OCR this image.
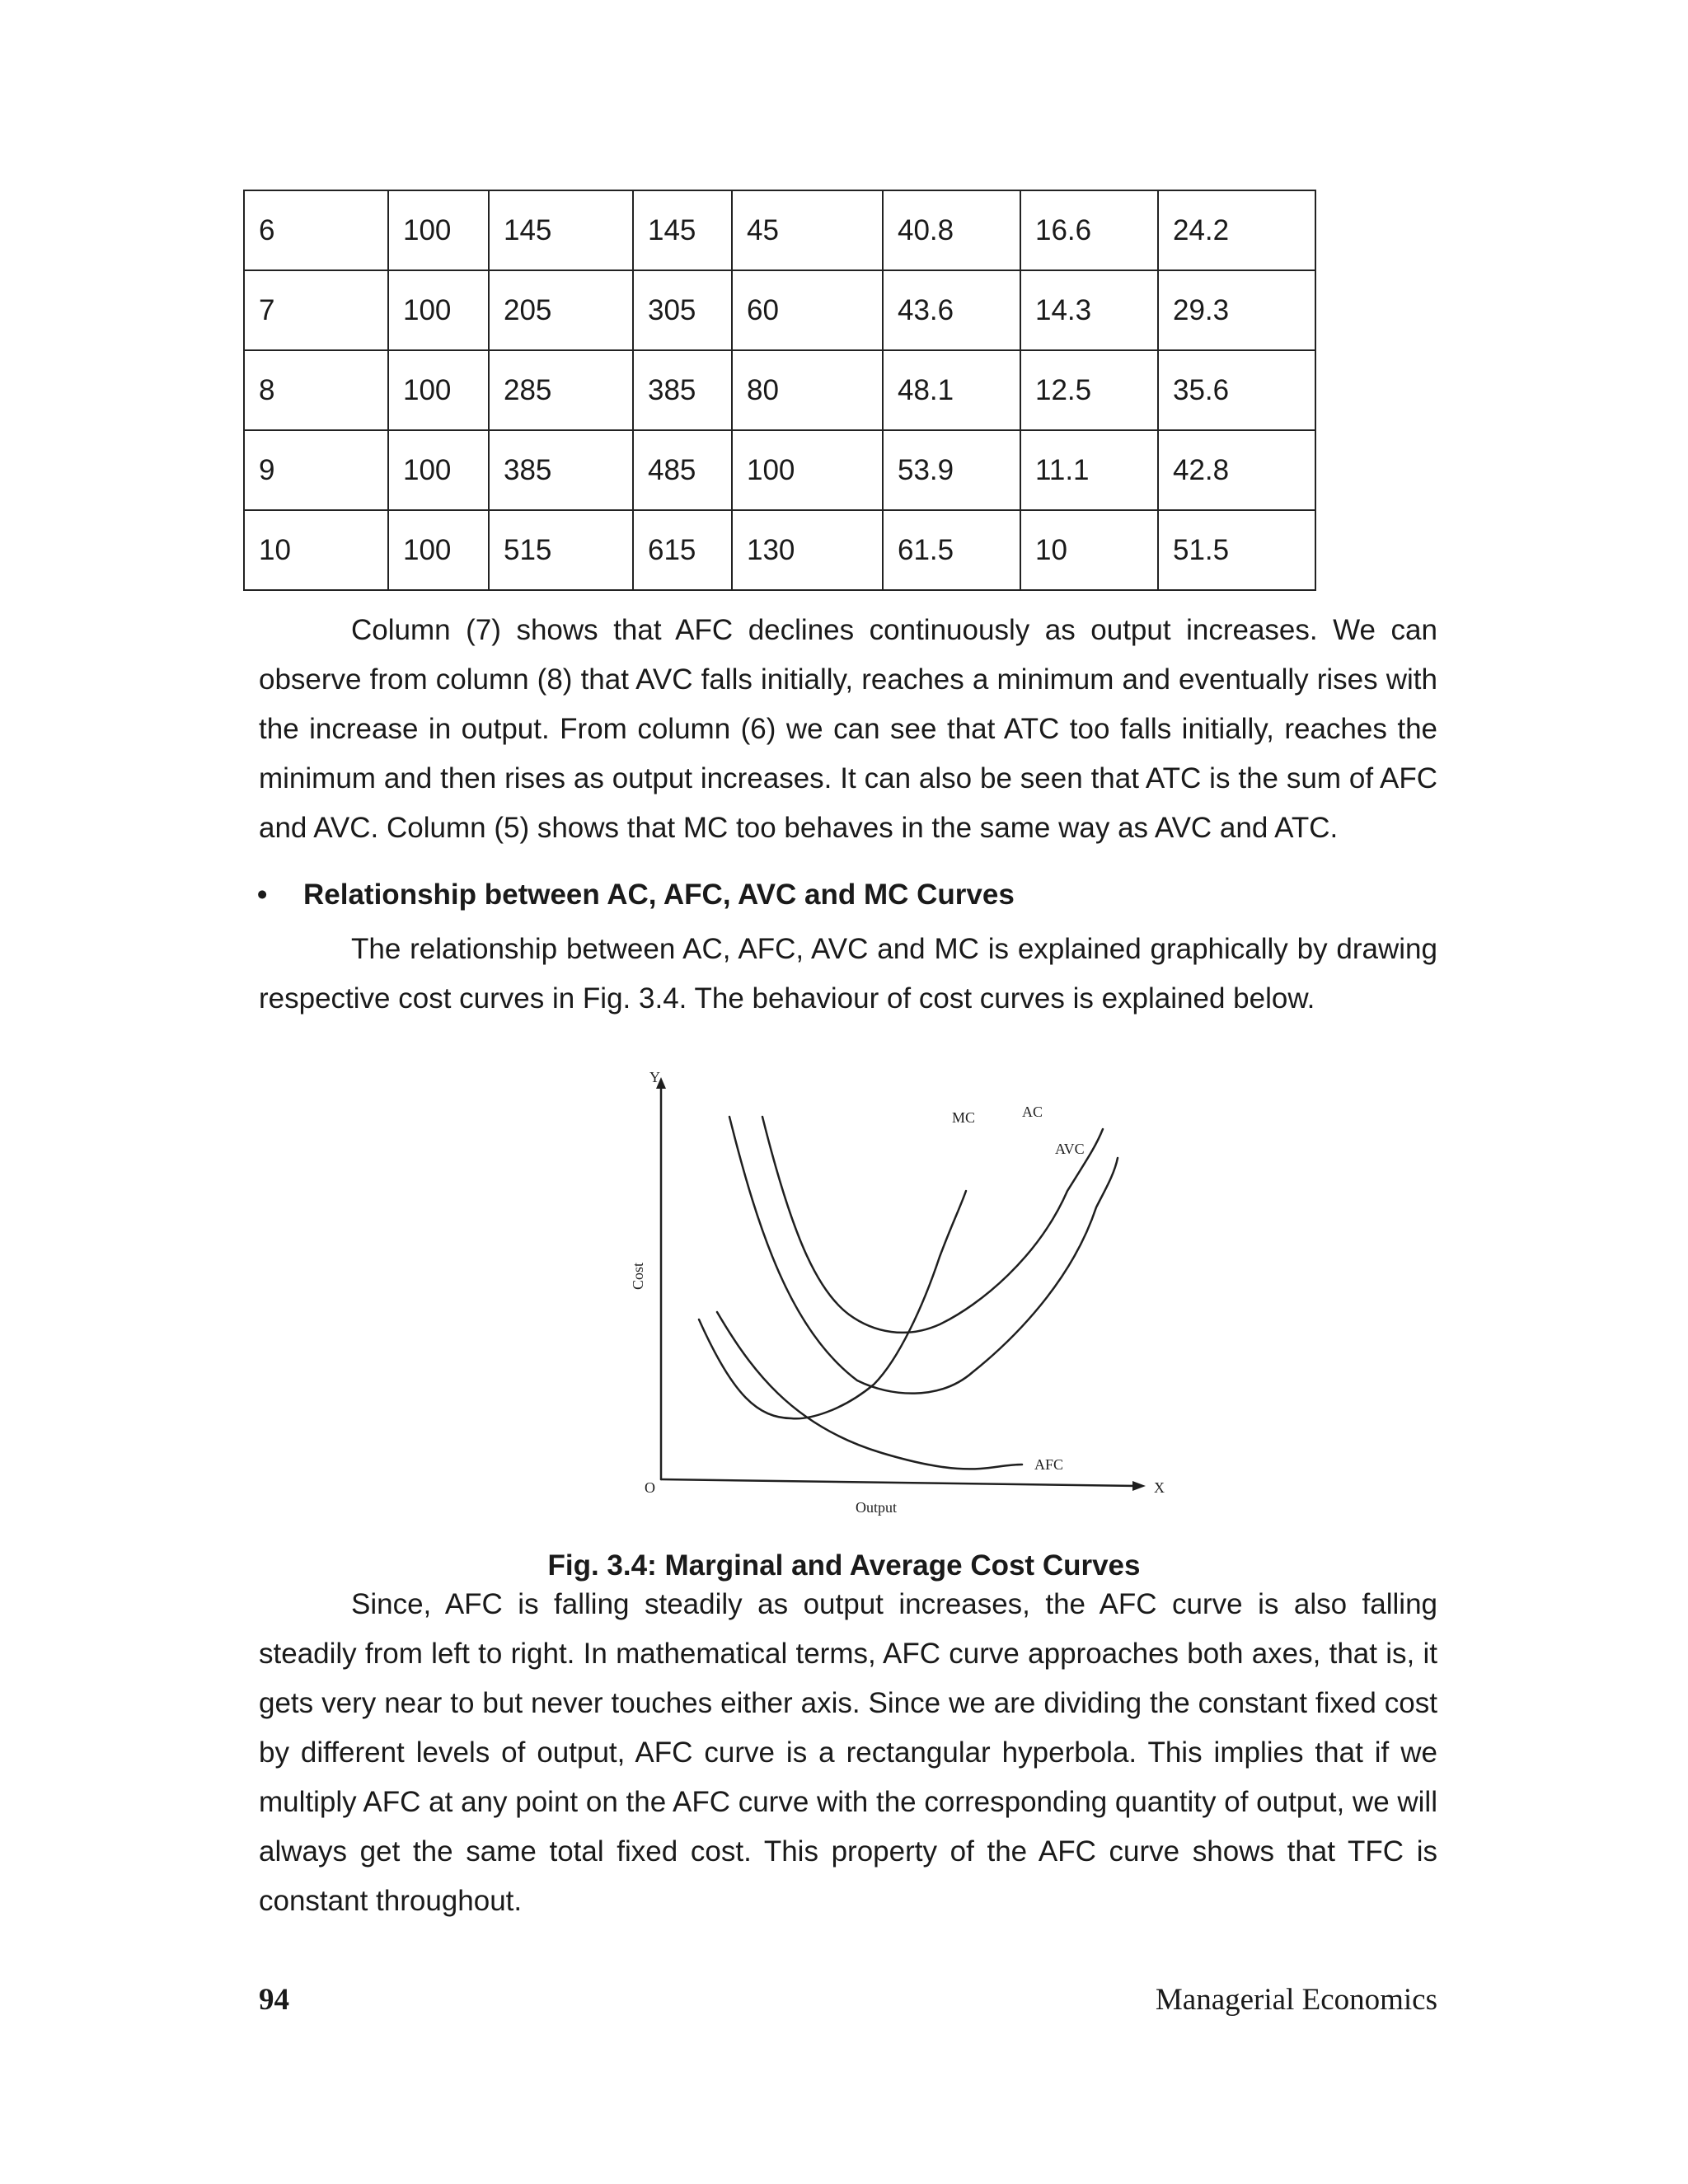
6	100	145	145	45	40.8	16.6	24.2
7	100	205	305	60	43.6	14.3	29.3
8	100	285	385	80	48.1	12.5	35.6
9	100	385	485	100	53.9	11.1	42.8
10	100	515	615	130	61.5	10	51.5

Column (7) shows that AFC declines continuously as output increases. We can observe from column (8) that AVC falls initially, reaches a minimum and eventually rises with the increase in output. From column (6) we can see that ATC too falls initially, reaches the minimum and then rises as output increases. It can also be seen that ATC is the sum of AFC and AVC. Column (5) shows that MC too behaves in the same way as AVC and ATC.

• Relationship between AC, AFC, AVC and MC Curves

The relationship between AC, AFC, AVC and MC is explained graphically by drawing respective cost curves in Fig. 3.4. The behaviour of cost curves is explained below.

Y
X
O
Output
Cost
MC	AC
AVC
AFC
Fig. 3.4: Marginal and Average Cost Curves

Since, AFC is falling steadily as output increases, the AFC curve is also falling steadily from left to right. In mathematical terms, AFC curve approaches both axes, that is, it gets very near to but never touches either axis. Since we are dividing the constant fixed cost by different levels of output, AFC curve is a rectangular hyperbola. This implies that if we multiply AFC at any point on the AFC curve with the corresponding quantity of output, we will always get the same total fixed cost. This property of the AFC curve shows that TFC is constant throughout.

94	Managerial Economics
